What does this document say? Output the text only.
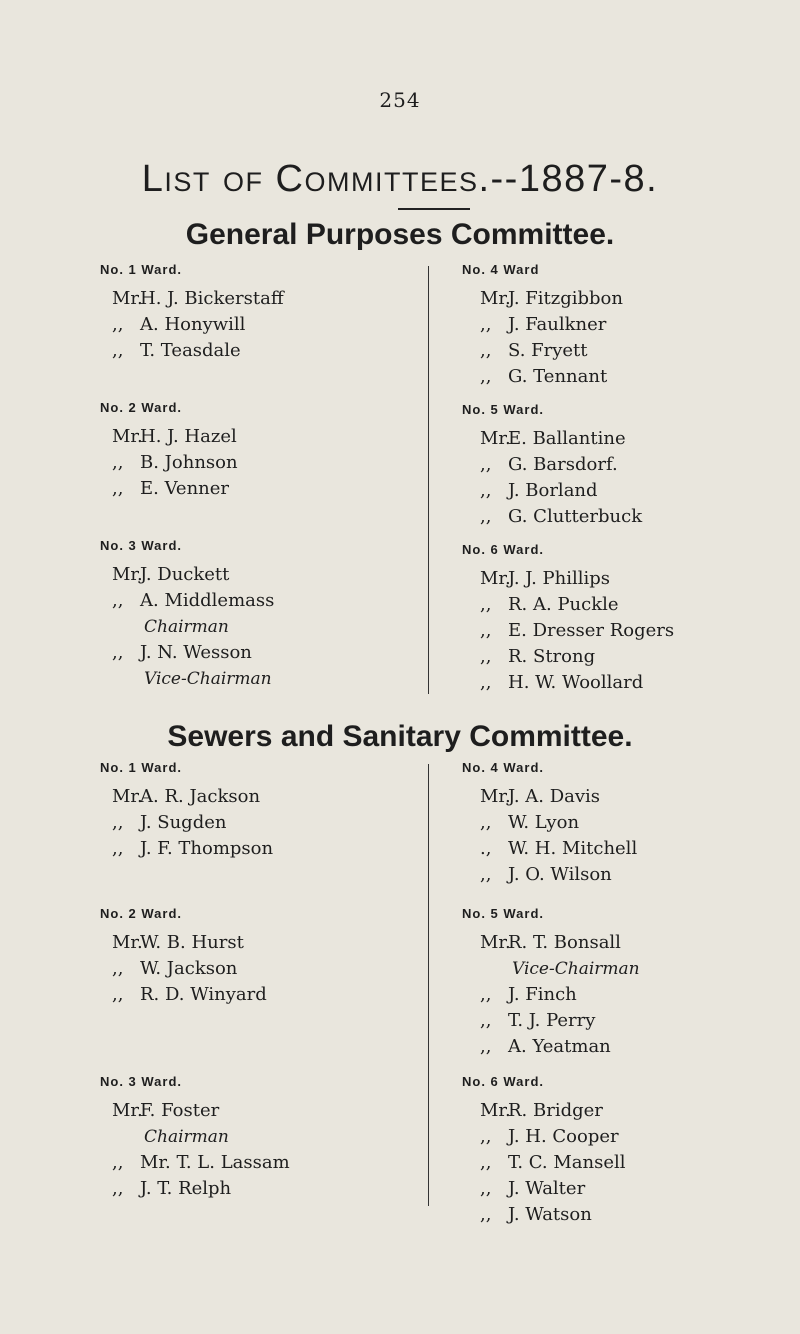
254
List of Committees.--1887-8.
General Purposes Committee.
No. 1 Ward.
Mr.H. J. Bickerstaff
,, A. Honywill
,, T. Teasdale
No. 2 Ward.
Mr.H. J. Hazel
,, B. Johnson
,, E. Venner
No. 3 Ward.
Mr.J. Duckett
,, A. Middlemass
Chairman
,, J. N. Wesson
Vice-Chairman
No. 4 Ward
Mr.J. Fitzgibbon
,, J. Faulkner
,, S. Fryett
,, G. Tennant
No. 5 Ward.
Mr.E. Ballantine
,, G. Barsdorf.
,, J. Borland
,, G. Clutterbuck
No. 6 Ward.
Mr.J. J. Phillips
,, R. A. Puckle
,, E. Dresser Rogers
,, R. Strong
,, H. W. Woollard
Sewers and Sanitary Committee.
No. 1 Ward.
Mr.A. R. Jackson
,, J. Sugden
,, J. F. Thompson
No. 2 Ward.
Mr.W. B. Hurst
,, W. Jackson
,, R. D. Winyard
No. 3 Ward.
Mr.F. Foster
Chairman
,, Mr. T. L. Lassam
,, J. T. Relph
No. 4 Ward.
Mr.J. A. Davis
,, W. Lyon
., W. H. Mitchell
,, J. O. Wilson
No. 5 Ward.
Mr.R. T. Bonsall
Vice-Chairman
,, J. Finch
,, T. J. Perry
,, A. Yeatman
No. 6 Ward.
Mr.R. Bridger
,, J. H. Cooper
,, T. C. Mansell
,, J. Walter
,, J. Watson
